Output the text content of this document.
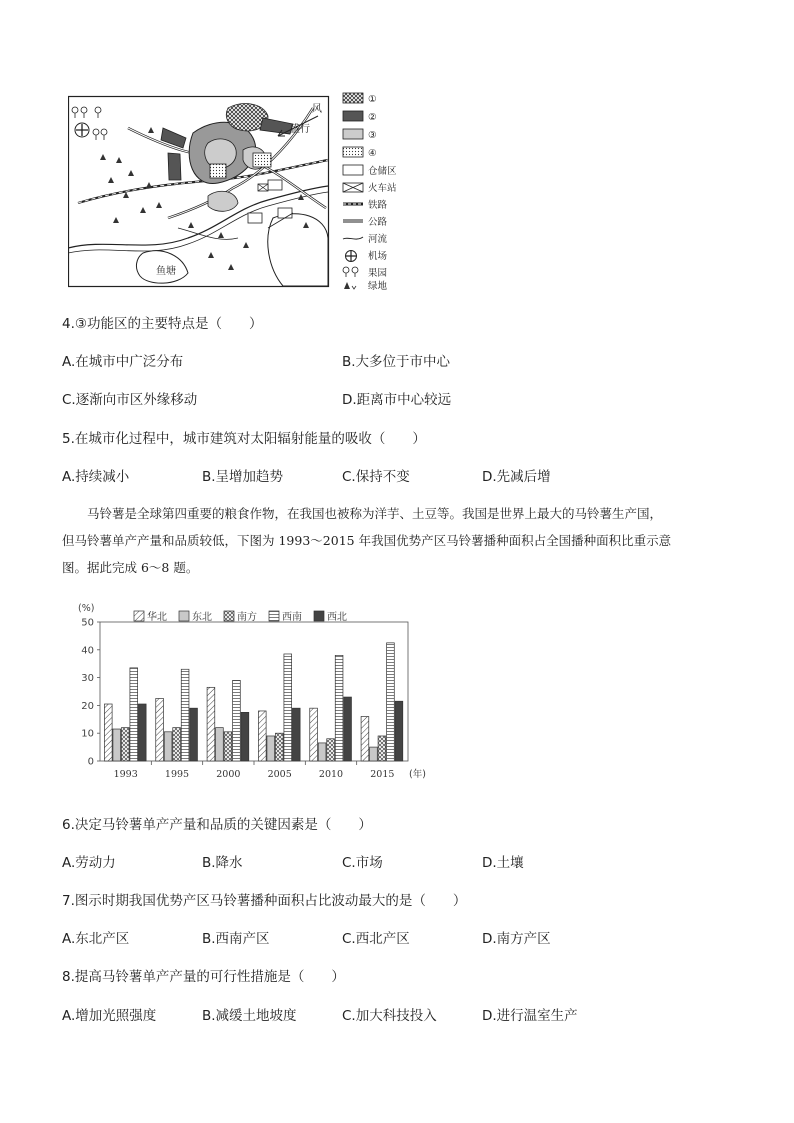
鱼塘
风
盛行
①
②
③
④
仓储区
火车站
铁路
公路
河流
机场
果园
绿地
4.③功能区的主要特点是（　　）
A.在城市中广泛分布	B.大多位于市中心
C.逐渐向市区外缘移动	D.距离市中心较远
5.在城市化过程中，城市建筑对太阳辐射能量的吸收（　　）
A.持续减小	B.呈增加趋势	C.保持不变	D.先减后增

马铃薯是全球第四重要的粮食作物，在我国也被称为洋芋、土豆等。我国是世界上最大的马铃薯生产国，

但马铃薯单产产量和品质较低，下图为 1993～2015 年我国优势产区马铃薯播种面积占全国播种面积比重示意

图。据此完成 6～8 题。

0
10
20
30
40
50
(%)
1993	1995	2000	2005	2010	2015 (年)
华北	东北	南方	西南	西北
6.决定马铃薯单产产量和品质的关键因素是（　　）
A.劳动力	B.降水	C.市场	D.土壤
7.图示时期我国优势产区马铃薯播种面积占比波动最大的是（　　）
A.东北产区	B.西南产区	C.西北产区	D.南方产区
8.提高马铃薯单产产量的可行性措施是（　　）
A.增加光照强度	B.减缓土地坡度	C.加大科技投入	D.进行温室生产
